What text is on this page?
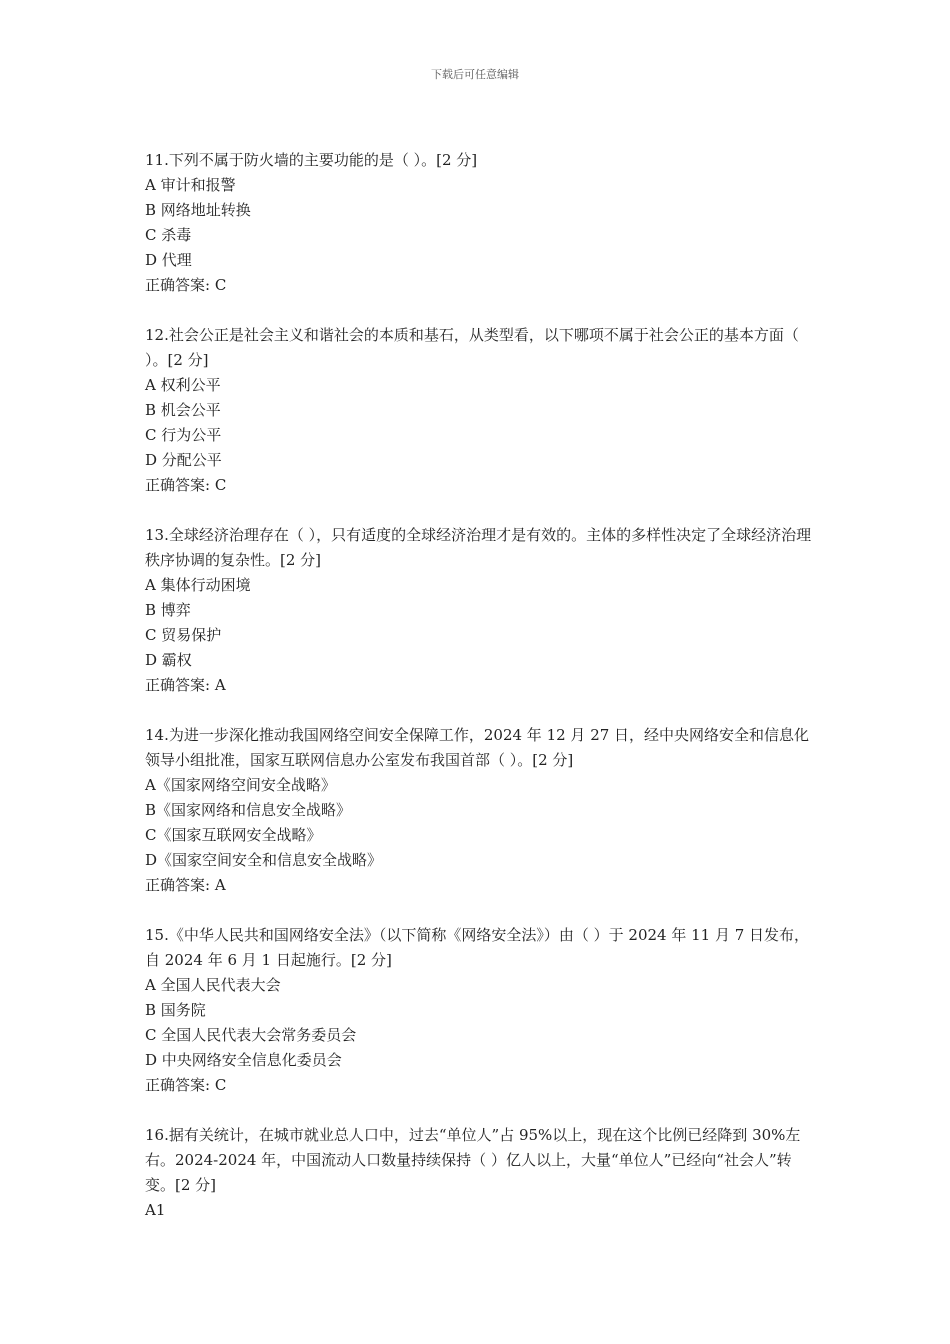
下载后可任意编辑

11.下列不属于防火墙的主要功能的是（ ）。[2 分]

A 审计和报警

B 网络地址转换

C 杀毒

D 代理

正确答案: C

12.社会公正是社会主义和谐社会的本质和基石，从类型看，以下哪项不属于社会公正的基本方面（ ）。[2 分]

A 权利公平

B 机会公平

C 行为公平

D 分配公平

正确答案: C

13.全球经济治理存在（ ），只有适度的全球经济治理才是有效的。主体的多样性决定了全球经济治理秩序协调的复杂性。[2 分]

A 集体行动困境

B 博弈

C 贸易保护

D 霸权

正确答案: A

14.为进一步深化推动我国网络空间安全保障工作，2024 年 12 月 27 日，经中央网络安全和信息化领导小组批准，国家互联网信息办公室发布我国首部（ ）。[2 分]

A《国家网络空间安全战略》

B《国家网络和信息安全战略》

C《国家互联网安全战略》

D《国家空间安全和信息安全战略》

正确答案: A

15.《中华人民共和国网络安全法》（以下简称《网络安全法》）由（ ）于 2024 年 11 月 7 日发布，自 2024 年 6 月 1 日起施行。[2 分]

A 全国人民代表大会

B 国务院

C 全国人民代表大会常务委员会

D 中央网络安全信息化委员会

正确答案: C

16.据有关统计，在城市就业总人口中，过去“单位人”占 95%以上，现在这个比例已经降到 30%左右。2024-2024 年，中国流动人口数量持续保持（ ）亿人以上，大量“单位人”已经向“社会人”转变。[2 分]

A1
